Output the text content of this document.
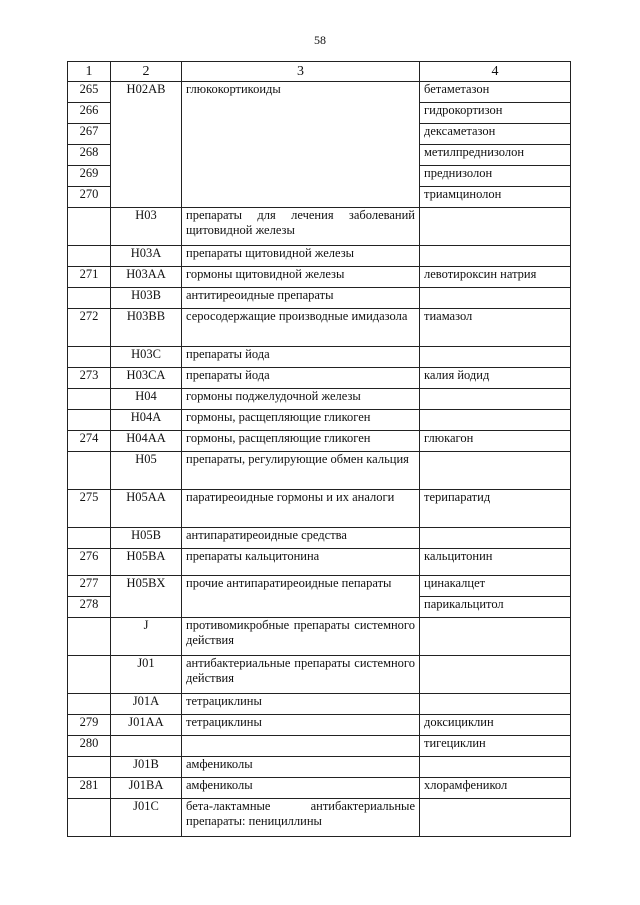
58
1	2	3	4
265	H02AB	глюкокортикоиды	бетаметазон
266			гидрокортизон
267			дексаметазон
268			метилпреднизолон
269			преднизолон
270			триамцинолон
	H03	препараты для лечения заболеваний щитовидной железы	
	H03A	препараты щитовидной железы	
271	H03AA	гормоны щитовидной железы	левотироксин натрия
	H03B	антитиреоидные препараты	
272	H03BB	серосодержащие производные имидазола	тиамазол
	H03C	препараты йода	
273	H03CA	препараты йода	калия йодид
	H04	гормоны поджелудочной железы	
	H04A	гормоны, расщепляющие гликоген	
274	H04AA	гормоны, расщепляющие гликоген	глюкагон
	H05	препараты, регулирующие обмен кальция	
275	H05AA	паратиреоидные гормоны и их аналоги	терипаратид
	H05B	антипаратиреоидные средства	
276	H05BA	препараты кальцитонина	кальцитонин
277	H05BX	прочие антипаратиреоидные пепараты	цинакалцет
278			парикальцитол
	J	противомикробные препараты системного действия	
	J01	антибактериальные препараты системного действия	
	J01A	тетрациклины	
279	J01AA	тетрациклины	доксициклин
280			тигециклин
	J01B	амфениколы	
281	J01BA	амфениколы	хлорамфеникол
	J01C	бета-лактамные антибактериальные препараты: пенициллины	
